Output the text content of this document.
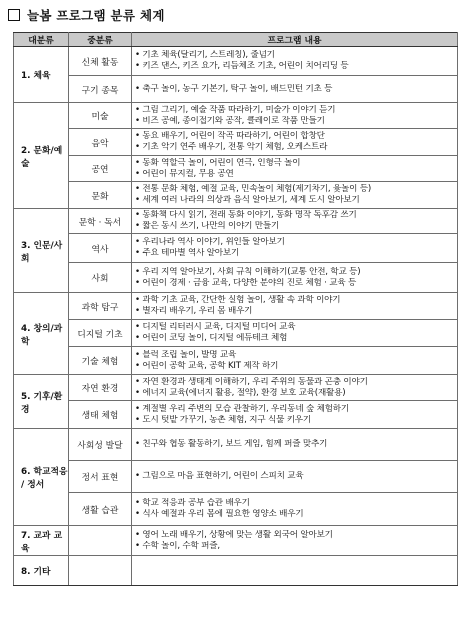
늘봄 프로그램 분류 체계
대분류	중분류	프로그램 내용
1. 체육	신체 활동	• 기초 체육(달리기, 스트레칭), 줄넘기
• 키즈 댄스, 키즈 요가, 리듬체조 기초, 어린이 치어리딩 등

	구기 종목	• 축구 놀이, 농구 기본기, 탁구 놀이, 배드민턴 기초 등

2. 문화/예술	미술	• 그림 그리기, 예술 작품 따라하기, 미술가 이야기 듣기
• 비즈 공예, 종이접기와 공작, 클레이로 작품 만들기

	음악	• 동요 배우기, 어린이 작곡 따라하기, 어린이 합창단
• 기초 악기 연주 배우기, 전통 악기 체험, 오케스트라

	공연	• 동화 역할극 놀이, 어린이 연극, 인형극 놀이
• 어린이 뮤지컬, 무용 공연

	문화	• 전통 문화 체험, 예절 교육, 민속놀이 체험(제기차기, 윷놀이 등)
• 세계 여러 나라의 의상과 음식 알아보기, 세계 도시 알아보기

3. 인문/사회	문학 · 독서	• 동화책 다시 읽기, 전래 동화 이야기, 동화 명작 독후감 쓰기
• 짧은 동시 쓰기, 나만의 이야기 만들기

	역사	• 우리나라 역사 이야기, 위인들 알아보기
• 주요 테마별 역사 알아보기

	사회	• 우리 지역 알아보기, 사회 규칙 이해하기(교통 안전, 학교 등)
• 어린이 경제 · 금융 교육, 다양한 분야의 진로 체험 · 교육 등

4. 창의/과학	과학 탐구	• 과학 기초 교육, 간단한 실험 놀이, 생활 속 과학 이야기
• 별자리 배우기, 우리 몸 배우기

	디지털 기초	• 디지털 리터러시 교육, 디지털 미디어 교육
• 어린이 코딩 놀이, 디지털 에듀테크 체험

	기술 체험	• 블럭 조립 놀이, 발명 교육
• 어린이 공학 교육, 공학 KIT 제작 하기

5. 기후/환경	자연 환경	• 자연 환경과 생태계 이해하기, 우리 주위의 동물과 곤충 이야기
• 에너지 교육(에너지 활용, 절약), 환경 보호 교육(재활용)

	생태 체험	• 계절별 우리 주변의 모습 관찰하기, 우리동네 숲 체험하기
• 도시 텃밭 가꾸기, 농촌 체험, 지구 식물 키우기

6. 학교적응
/ 정서	사회성 발달	• 친구와 협동 활동하기, 보드 게임, 힘께 퍼즐 맞추기

	정서 표현	• 그림으로 마음 표현하기, 어린이 스피치 교육

	생활 습관	• 학교 적응과 공부 습관 배우기
• 식사 예절과 우리 몸에 필요한 영양소 배우기

7. 교과 교육		• 영어 노래 배우기, 상황에 맞는 생활 외국어 알아보기
• 수학 놀이, 수학 퍼즐,

8. 기타		
